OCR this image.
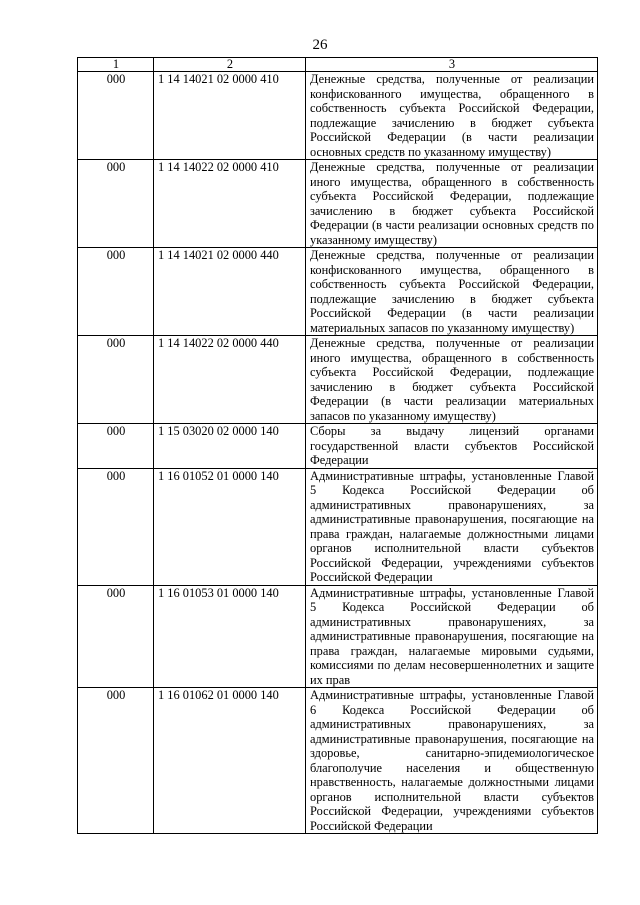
26
1	2	3
000	1 14 14021 02 0000 410	Денежные средства, полученные от реализации конфискованного имущества, обращенного в собственность субъекта Российской Федерации, подлежащие зачислению в бюджет субъекта Российской Федерации (в части реализации основных средств по указанному имуществу)
000	1 14 14022 02 0000 410	Денежные средства, полученные от реализации иного имущества, обращенного в собственность субъекта Российской Федерации, подлежащие зачислению в бюджет субъекта Российской Федерации (в части реализации основных средств по указанному имуществу)
000	1 14 14021 02 0000 440	Денежные средства, полученные от реализации конфискованного имущества, обращенного в собственность субъекта Российской Федерации, подлежащие зачислению в бюджет субъекта Российской Федерации (в части реализации материальных запасов по указанному имуществу)
000	1 14 14022 02 0000 440	Денежные средства, полученные от реализации иного имущества, обращенного в собственность субъекта Российской Федерации, подлежащие зачислению в бюджет субъекта Российской Федерации (в части реализации материальных запасов по указанному имуществу)
000	1 15 03020 02 0000 140	Сборы за выдачу лицензий органами государственной власти субъектов Российской Федерации
000	1 16 01052 01 0000 140	Административные штрафы, установленные Главой 5 Кодекса Российской Федерации об административных правонарушениях, за административные правонарушения, посягающие на права граждан, налагаемые должностными лицами органов исполнительной власти субъектов Российской Федерации, учреждениями субъектов Российской Федерации
000	1 16 01053 01 0000 140	Административные штрафы, установленные Главой 5 Кодекса Российской Федерации об административных правонарушениях, за административные правонарушения, посягающие на права граждан, налагаемые мировыми судьями, комиссиями по делам несовершеннолетних и защите их прав
000	1 16 01062 01 0000 140	Административные штрафы, установленные Главой 6 Кодекса Российской Федерации об административных правонарушениях, за административные правонарушения, посягающие на здоровье, санитарно-эпидемиологическое благополучие населения и общественную нравственность, налагаемые должностными лицами органов исполнительной власти субъектов Российской Федерации, учреждениями субъектов Российской Федерации
